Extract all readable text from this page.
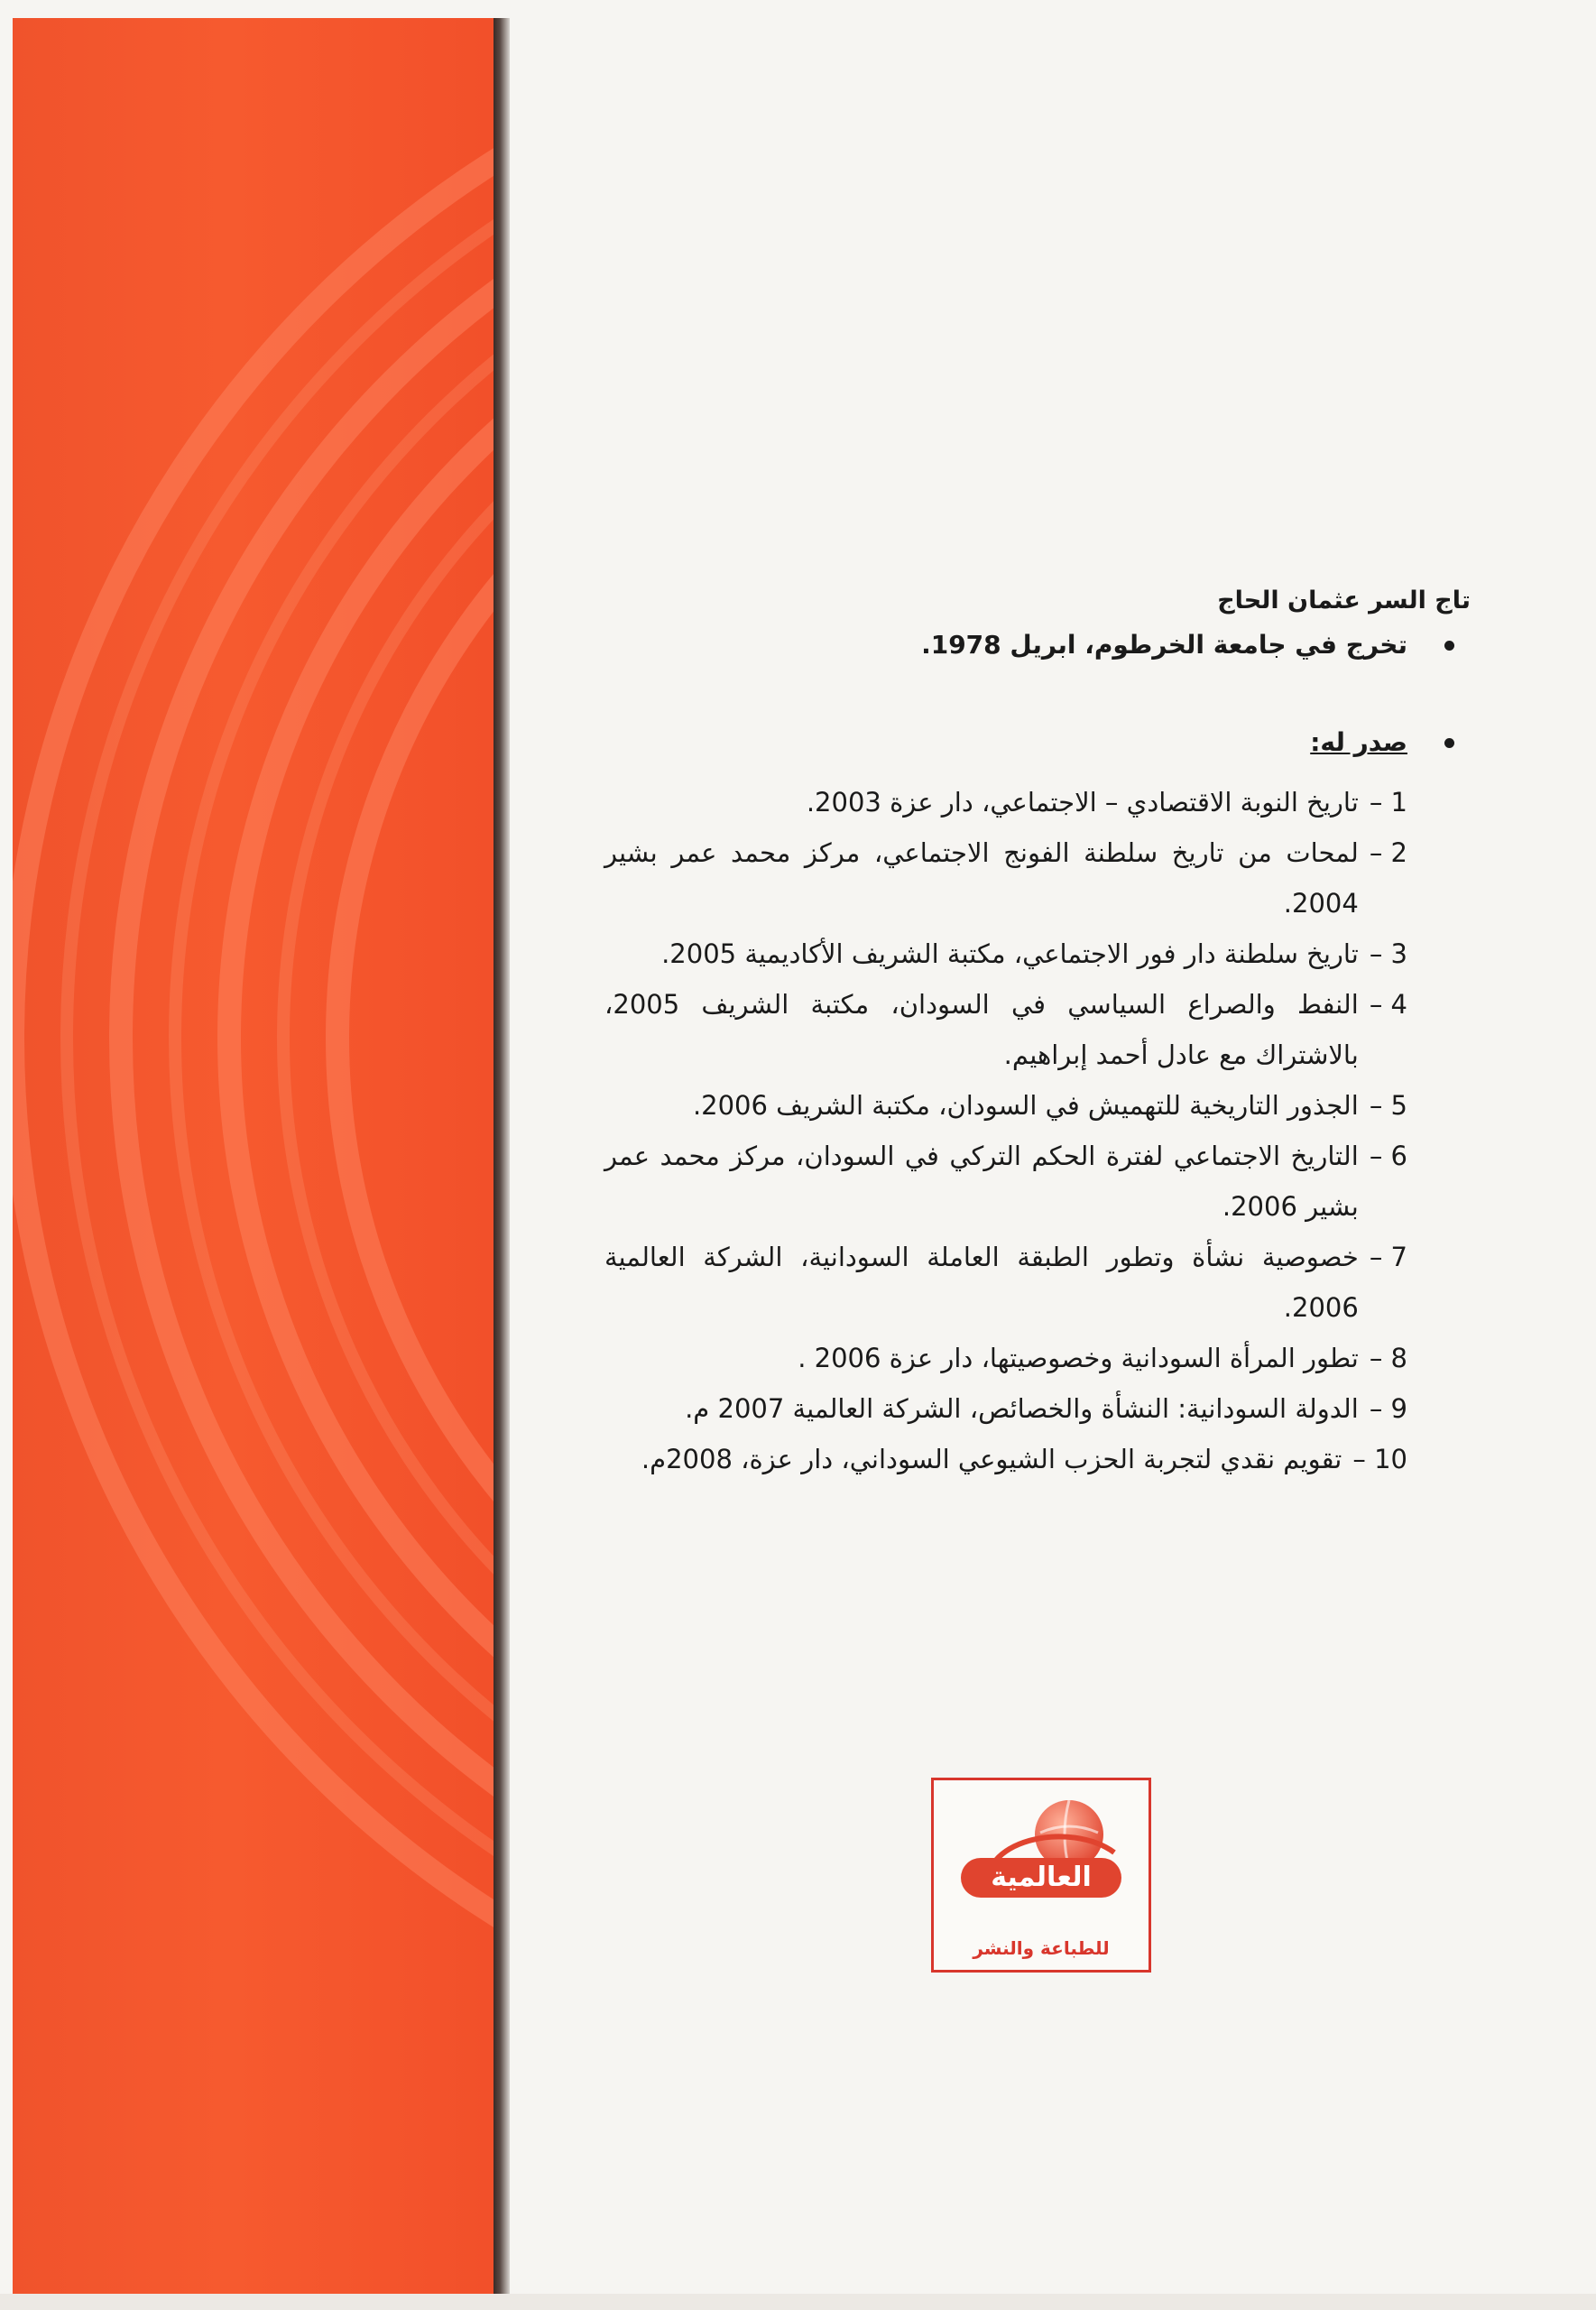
تاج السر عثمان الحاج
تخرج في جامعة الخرطوم، ابريل 1978.
صدر له:
1 –
تاريخ النوبة الاقتصادي – الاجتماعي، دار عزة 2003.
2 –
لمحات من تاريخ سلطنة الفونج الاجتماعي، مركز محمد عمر بشير 2004.
3 –
تاريخ سلطنة دار فور الاجتماعي، مكتبة الشريف الأكاديمية 2005.
4 –
النفط والصراع السياسي في السودان، مكتبة الشريف 2005، بالاشتراك مع عادل أحمد إبراهيم.
5 –
الجذور التاريخية للتهميش في السودان، مكتبة الشريف 2006.
6 –
التاريخ الاجتماعي لفترة الحكم التركي في السودان، مركز محمد عمر بشير 2006.
7 –
خصوصية نشأة وتطور الطبقة العاملة السودانية، الشركة العالمية 2006.
8 –
تطور المرأة السودانية وخصوصيتها، دار عزة 2006 .
9 –
الدولة السودانية: النشأة والخصائص، الشركة العالمية 2007 م.
10 –
تقويم نقدي لتجربة الحزب الشيوعي السوداني، دار عزة، 2008م.
العالمية
للطباعة والنشر
